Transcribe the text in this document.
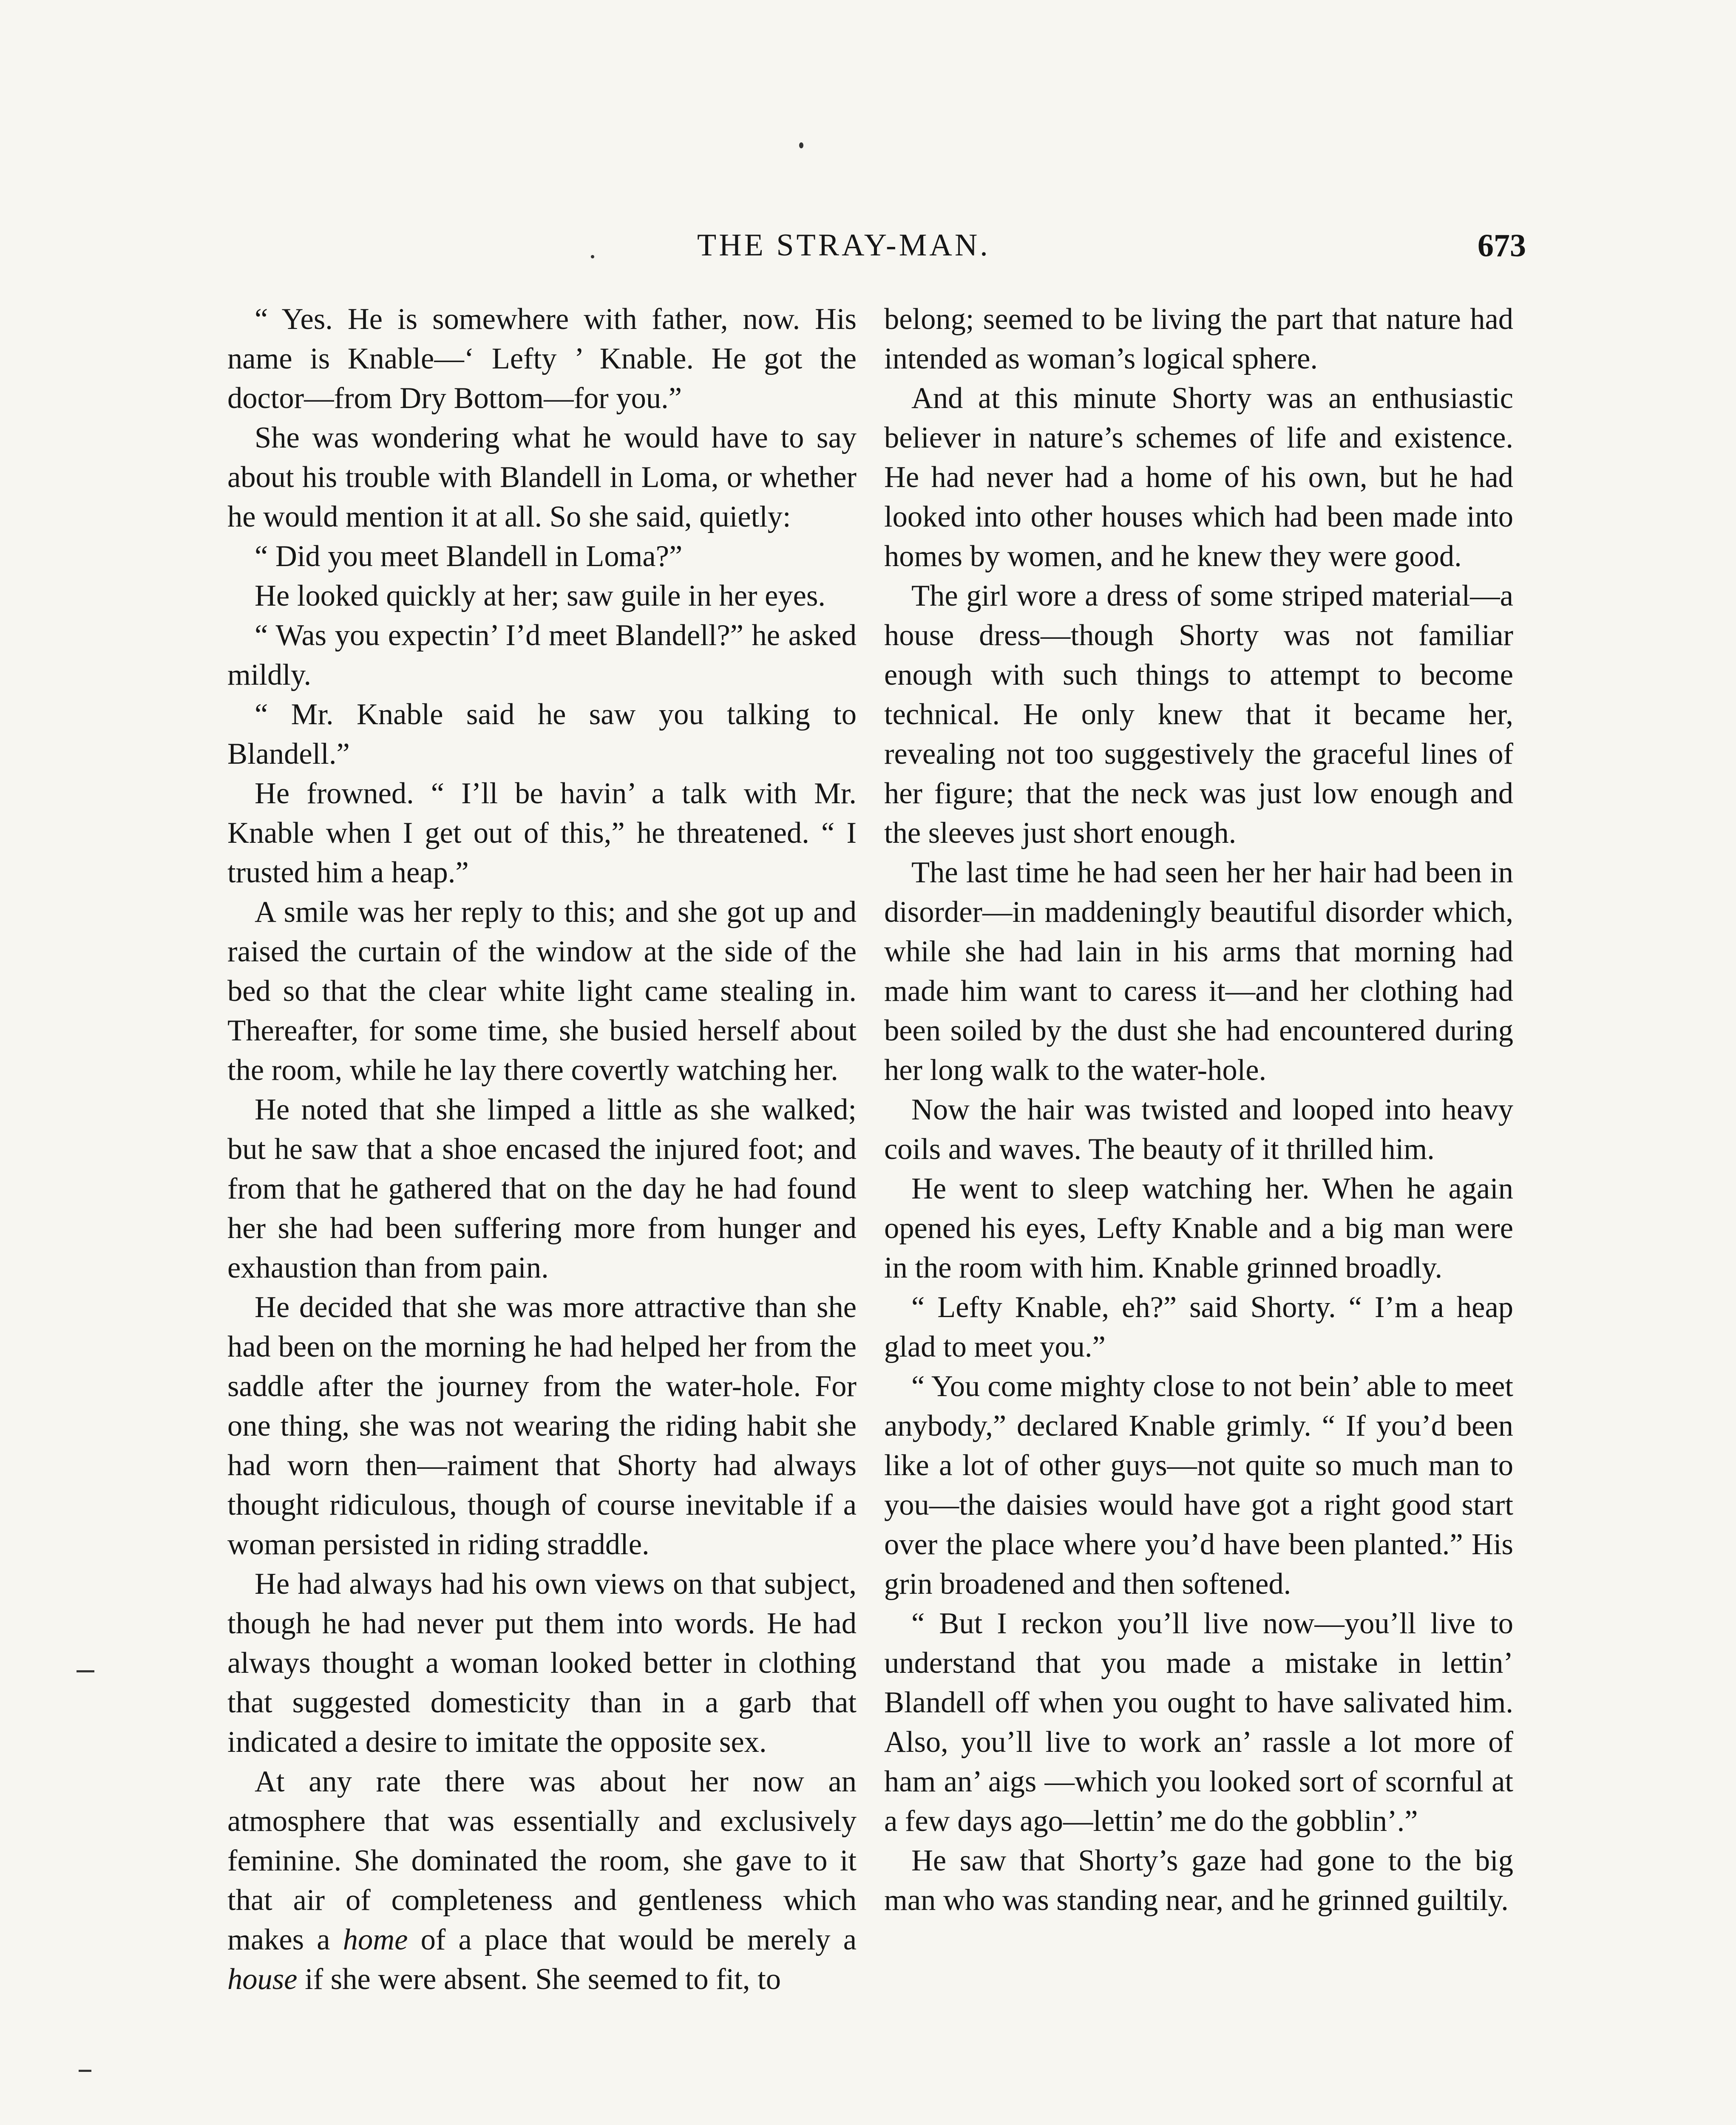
THE STRAY-MAN.	673

“ Yes. He is somewhere with father, now. His name is Knable—‘ Lefty ’ Knable. He got the doctor—from Dry Bottom—for you.”

She was wondering what he would have to say about his trouble with Blandell in Loma, or whether he would mention it at all. So she said, quietly:

“ Did you meet Blandell in Loma?”

He looked quickly at her; saw guile in her eyes.

“ Was you expectin’ I’d meet Blandell?” he asked mildly.

“ Mr. Knable said he saw you talking to Blandell.”

He frowned. “ I’ll be havin’ a talk with Mr. Knable when I get out of this,” he threatened. “ I trusted him a heap.”

A smile was her reply to this; and she got up and raised the curtain of the window at the side of the bed so that the clear white light came stealing in. Thereafter, for some time, she busied herself about the room, while he lay there covertly watching her.

He noted that she limped a little as she walked; but he saw that a shoe encased the injured foot; and from that he gathered that on the day he had found her she had been suffering more from hunger and exhaustion than from pain.

He decided that she was more attractive than she had been on the morning he had helped her from the saddle after the journey from the water-hole. For one thing, she was not wearing the riding habit she had worn then—raiment that Shorty had always thought ridiculous, though of course inevitable if a woman persisted in riding straddle.

He had always had his own views on that subject, though he had never put them into words. He had always thought a woman looked better in clothing that suggested domesticity than in a garb that indicated a desire to imitate the opposite sex.

At any rate there was about her now an atmosphere that was essentially and exclusively feminine. She dominated the room, she gave to it that air of completeness and gentleness which makes a home of a place that would be merely a house if she were absent. She seemed to fit, to

belong; seemed to be living the part that nature had intended as woman’s logical sphere.

And at this minute Shorty was an enthusiastic believer in nature’s schemes of life and existence. He had never had a home of his own, but he had looked into other houses which had been made into homes by women, and he knew they were good.

The girl wore a dress of some striped material—a house dress—though Shorty was not familiar enough with such things to attempt to become technical. He only knew that it became her, revealing not too suggestively the graceful lines of her figure; that the neck was just low enough and the sleeves just short enough.

The last time he had seen her her hair had been in disorder—in maddeningly beautiful disorder which, while she had lain in his arms that morning had made him want to caress it—and her clothing had been soiled by the dust she had encountered during her long walk to the water-hole.

Now the hair was twisted and looped into heavy coils and waves. The beauty of it thrilled him.

He went to sleep watching her. When he again opened his eyes, Lefty Knable and a big man were in the room with him. Knable grinned broadly.

“ Lefty Knable, eh?” said Shorty. “ I’m a heap glad to meet you.”

“ You come mighty close to not bein’ able to meet anybody,” declared Knable grimly. “ If you’d been like a lot of other guys—not quite so much man to you—the daisies would have got a right good start over the place where you’d have been planted.” His grin broadened and then softened.

“ But I reckon you’ll live now—you’ll live to understand that you made a mistake in lettin’ Blandell off when you ought to have salivated him. Also, you’ll live to work an’ rassle a lot more of ham an’ aigs —which you looked sort of scornful at a few days ago—lettin’ me do the gobblin’.”

He saw that Shorty’s gaze had gone to the big man who was standing near, and he grinned guiltily.
